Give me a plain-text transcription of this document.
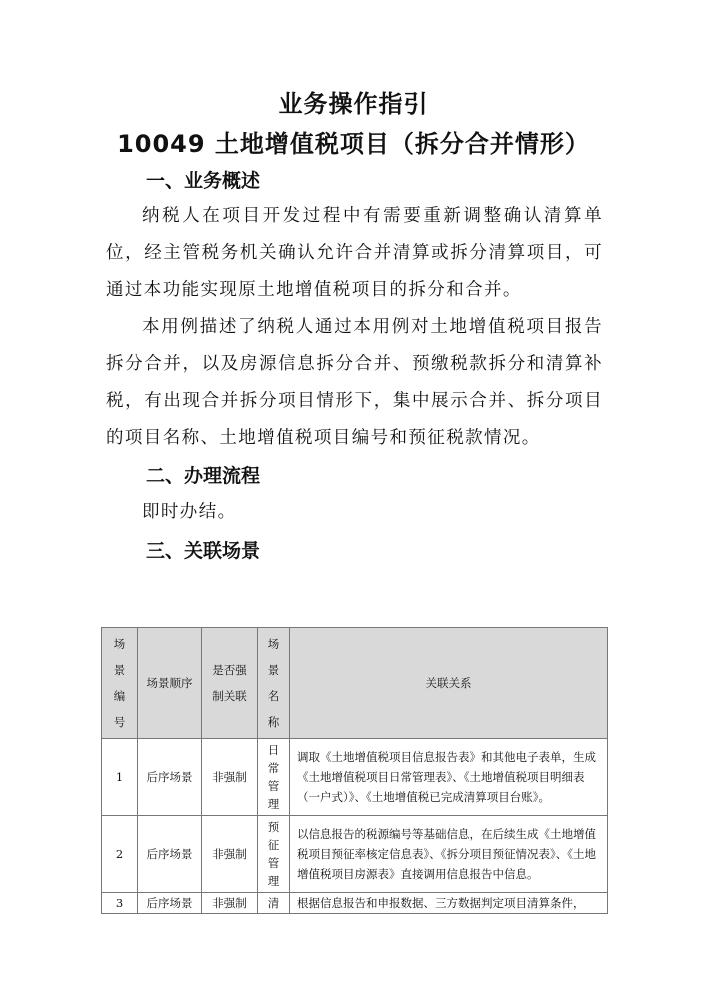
业务操作指引
10049 土地增值税项目（拆分合并情形）
一、业务概述
纳税人在项目开发过程中有需要重新调整确认清算单位，经主管税务机关确认允许合并清算或拆分清算项目，可通过本功能实现原土地增值税项目的拆分和合并。
本用例描述了纳税人通过本用例对土地增值税项目报告拆分合并，以及房源信息拆分合并、预缴税款拆分和清算补税，有出现合并拆分项目情形下，集中展示合并、拆分项目的项目名称、土地增值税项目编号和预征税款情况。
二、办理流程
即时办结。
三、关联场景
场景编号	场景顺序	是否强制关联	场景名称	关联关系
1	后序场景	非强制	日常管理	调取《土地增值税项目信息报告表》和其他电子表单，生成《土地增值税项目日常管理表》、《土地增值税项目明细表（一户式）》、《土地增值税已完成清算项目台账》。
2	后序场景	非强制	预征管理	以信息报告的税源编号等基础信息，在后续生成《土地增值税项目预征率核定信息表》、《拆分项目预征情况表》、《土地增值税项目房源表》直接调用信息报告中信息。
3	后序场景	非强制	清	根据信息报告和申报数据、三方数据判定项目清算条件，
